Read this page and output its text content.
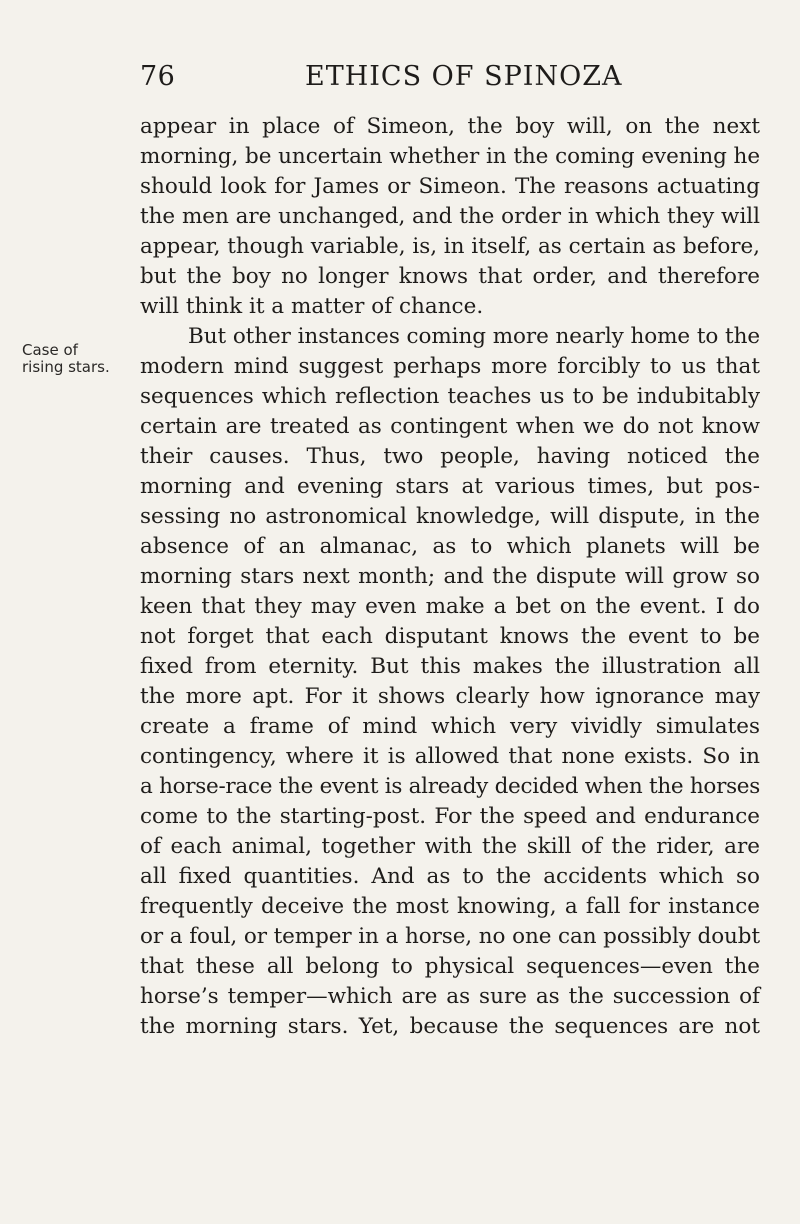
76	ETHICS OF SPINOZA
Case of
rising stars.
appear in place of Simeon, the boy will, on the next
morning, be uncertain whether in the coming evening he
should look for James or Simeon. The reasons actuating
the men are unchanged, and the order in which they will
appear, though variable, is, in itself, as certain as before,
but the boy no longer knows that order, and therefore
will think it a matter of chance.
But other instances coming more nearly home to the
modern mind suggest perhaps more forcibly to us that
sequences which reflection teaches us to be indubitably
certain are treated as contingent when we do not know
their causes. Thus, two people, having noticed the
morning and evening stars at various times, but pos-
sessing no astronomical knowledge, will dispute, in the
absence of an almanac, as to which planets will be
morning stars next month; and the dispute will grow so
keen that they may even make a bet on the event. I do
not forget that each disputant knows the event to be
fixed from eternity. But this makes the illustration all
the more apt. For it shows clearly how ignorance may
create a frame of mind which very vividly simulates
contingency, where it is allowed that none exists. So in
a horse-race the event is already decided when the horses
come to the starting-post. For the speed and endurance
of each animal, together with the skill of the rider, are
all fixed quantities. And as to the accidents which so
frequently deceive the most knowing, a fall for instance
or a foul, or temper in a horse, no one can possibly doubt
that these all belong to physical sequences—even the
horse’s temper—which are as sure as the succession of
the morning stars. Yet, because the sequences are not
